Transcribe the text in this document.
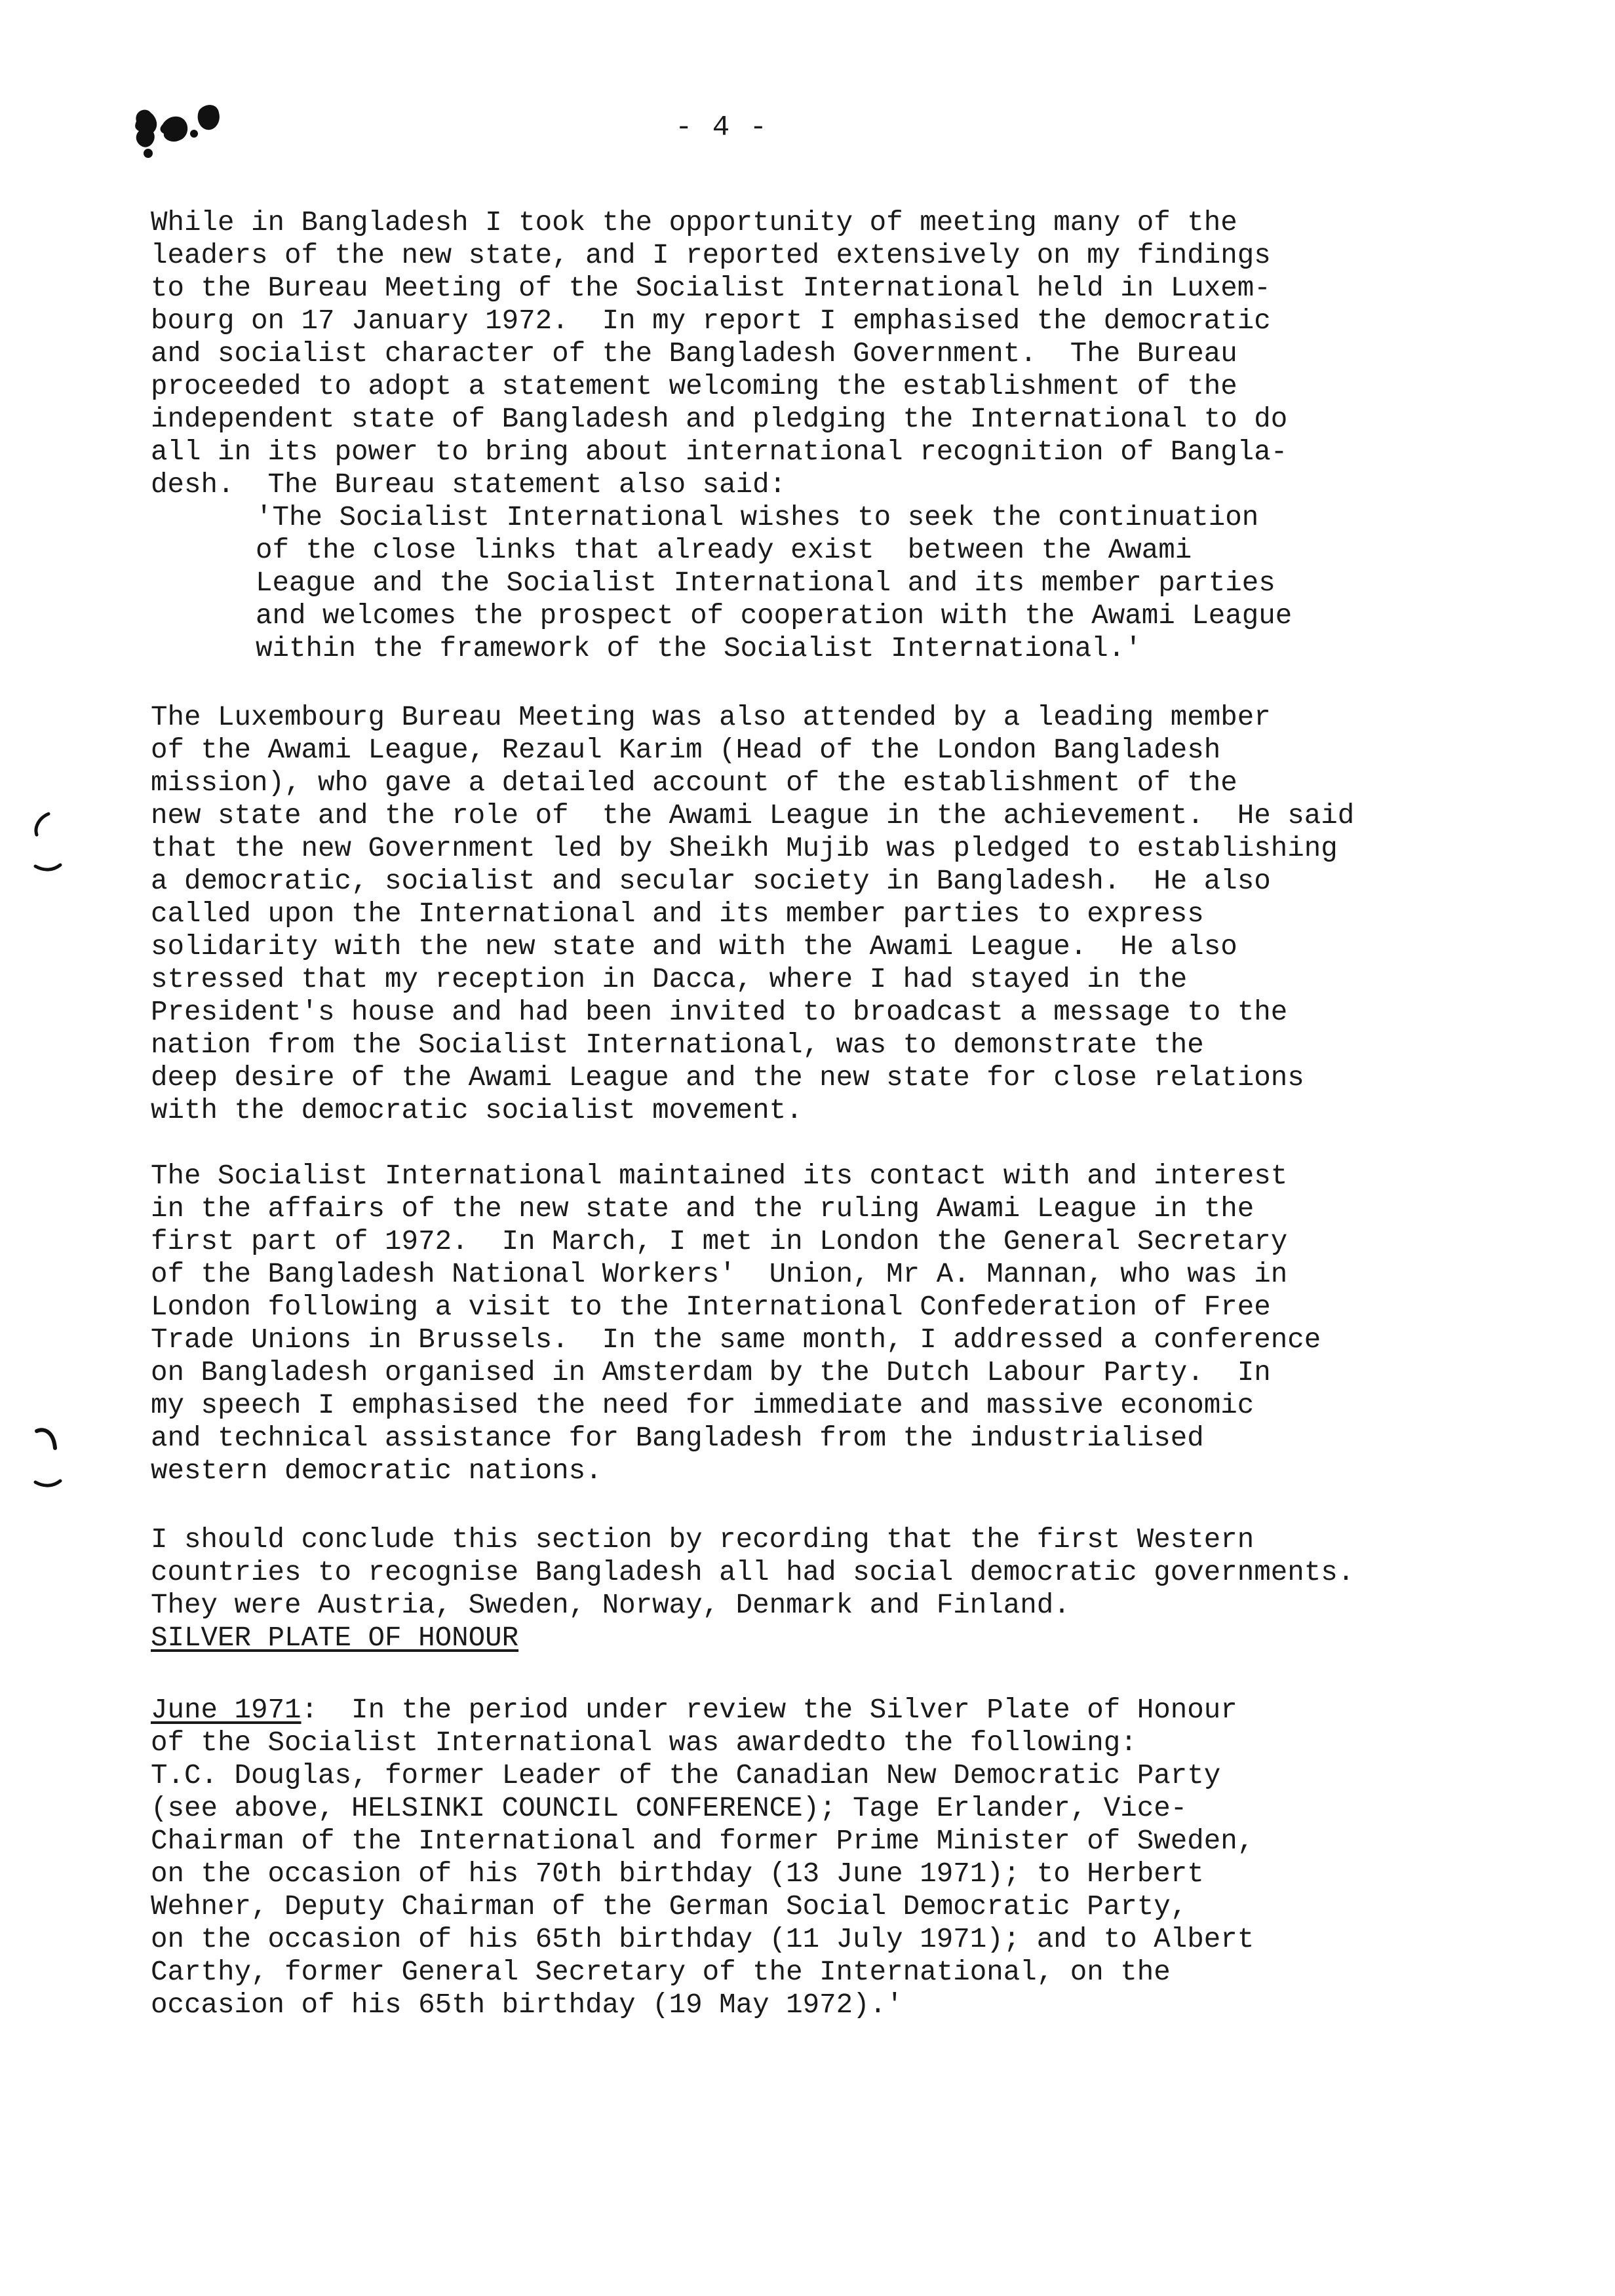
- 4 -

While in Bangladesh I took the opportunity of meeting many of the
leaders of the new state, and I reported extensively on my findings
to the Bureau Meeting of the Socialist International held in Luxem-
bourg on 17 January 1972.  In my report I emphasised the democratic
and socialist character of the Bangladesh Government.  The Bureau
proceeded to adopt a statement welcoming the establishment of the
independent state of Bangladesh and pledging the International to do
all in its power to bring about international recognition of Bangla-
desh.  The Bureau statement also said:

'The Socialist International wishes to seek the continuation
of the close links that already exist  between the Awami
League and the Socialist International and its member parties
and welcomes the prospect of cooperation with the Awami League
within the framework of the Socialist International.'

The Luxembourg Bureau Meeting was also attended by a leading member
of the Awami League, Rezaul Karim (Head of the London Bangladesh
mission), who gave a detailed account of the establishment of the
new state and the role of  the Awami League in the achievement.  He said
that the new Government led by Sheikh Mujib was pledged to establishing
a democratic, socialist and secular society in Bangladesh.  He also
called upon the International and its member parties to express
solidarity with the new state and with the Awami League.  He also
stressed that my reception in Dacca, where I had stayed in the
President's house and had been invited to broadcast a message to the
nation from the Socialist International, was to demonstrate the
deep desire of the Awami League and the new state for close relations
with the democratic socialist movement.

The Socialist International maintained its contact with and interest
in the affairs of the new state and the ruling Awami League in the
first part of 1972.  In March, I met in London the General Secretary
of the Bangladesh National Workers'  Union, Mr A. Mannan, who was in
London following a visit to the International Confederation of Free
Trade Unions in Brussels.  In the same month, I addressed a conference
on Bangladesh organised in Amsterdam by the Dutch Labour Party.  In
my speech I emphasised the need for immediate and massive economic
and technical assistance for Bangladesh from the industrialised
western democratic nations.

I should conclude this section by recording that the first Western
countries to recognise Bangladesh all had social democratic governments.
They were Austria, Sweden, Norway, Denmark and Finland.

SILVER PLATE OF HONOUR

June 1971:  In the period under review the Silver Plate of Honour

of the Socialist International was awardedto the following:
T.C. Douglas, former Leader of the Canadian New Democratic Party
(see above, HELSINKI COUNCIL CONFERENCE); Tage Erlander, Vice-
Chairman of the International and former Prime Minister of Sweden,
on the occasion of his 70th birthday (13 June 1971); to Herbert
Wehner, Deputy Chairman of the German Social Democratic Party,
on the occasion of his 65th birthday (11 July 1971); and to Albert
Carthy, former General Secretary of the International, on the
occasion of his 65th birthday (19 May 1972).'
